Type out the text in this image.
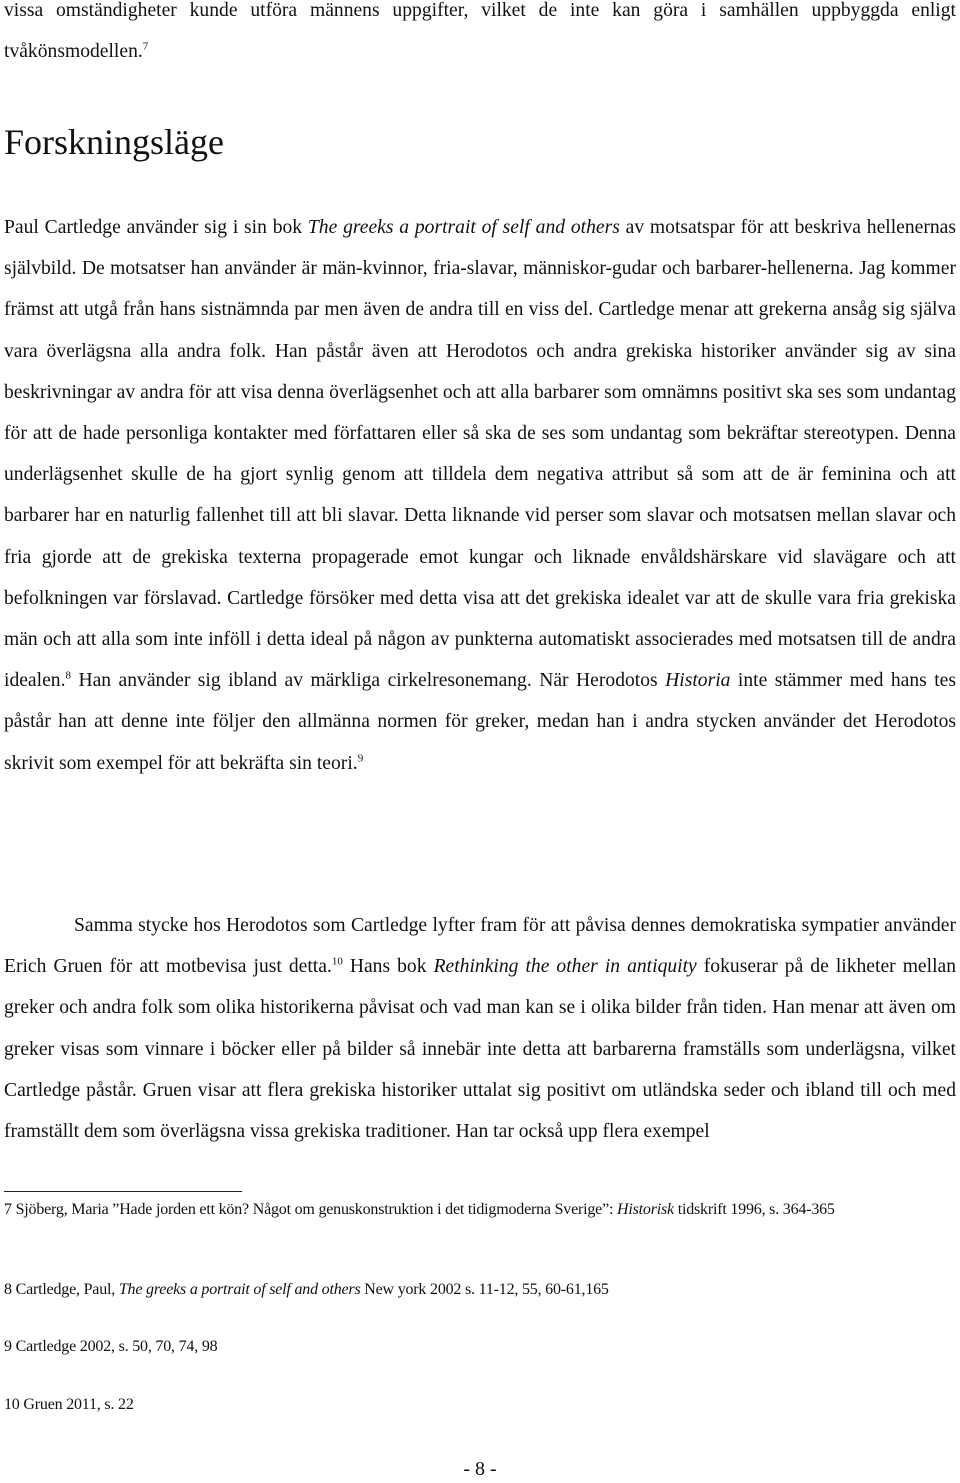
vissa omständigheter kunde utföra männens uppgifter, vilket de inte kan göra i samhällen uppbyggda enligt tvåkönsmodellen.$^7$

Forskningsläge

Paul Cartledge använder sig i sin bok The greeks a portrait of self and others av motsatspar för att beskriva hellenernas självbild. De motsatser han använder är män-kvinnor, fria-slavar, människor-gudar och barbarer-hellenerna. Jag kommer främst att utgå från hans sistnämnda par men även de andra till en viss del. Cartledge menar att grekerna ansåg sig själva vara överlägsna alla andra folk. Han påstår även att Herodotos och andra grekiska historiker använder sig av sina beskrivningar av andra för att visa denna överlägsenhet och att alla barbarer som omnämns positivt ska ses som undantag för att de hade personliga kontakter med författaren eller så ska de ses som undantag som bekräftar stereotypen. Denna underlägsenhet skulle de ha gjort synlig genom att tilldela dem negativa attribut så som att de är feminina och att barbarer har en naturlig fallenhet till att bli slavar. Detta liknande vid perser som slavar och motsatsen mellan slavar och fria gjorde att de grekiska texterna propagerade emot kungar och liknade envåldshärskare vid slavägare och att befolkningen var förslavad. Cartledge försöker med detta visa att det grekiska idealet var att de skulle vara fria grekiska män och att alla som inte inföll i detta ideal på någon av punkterna automatiskt associerades med motsatsen till de andra idealen.$^8$ Han använder sig ibland av märkliga cirkelresonemang. När Herodotos Historia inte stämmer med hans tes påstår han att denne inte följer den allmänna normen för greker, medan han i andra stycken använder det Herodotos skrivit som exempel för att bekräfta sin teori.$^9$

Samma stycke hos Herodotos som Cartledge lyfter fram för att påvisa dennes demokratiska sympatier använder Erich Gruen för att motbevisa just detta.$^{10}$ Hans bok Rethinking the other in antiquity fokuserar på de likheter mellan greker och andra folk som olika historikerna påvisat och vad man kan se i olika bilder från tiden. Han menar att även om greker visas som vinnare i böcker eller på bilder så innebär inte detta att barbarerna framställs som underlägsna, vilket Cartledge påstår. Gruen visar att flera grekiska historiker uttalat sig positivt om utländska seder och ibland till och med framställt dem som överlägsna vissa grekiska traditioner. Han tar också upp flera exempel

7 Sjöberg, Maria ”Hade jorden ett kön? Något om genuskonstruktion i det tidigmoderna Sverige”: Historisk tidskrift 1996, s. 364-365

8 Cartledge, Paul, The greeks a portrait of self and others New york 2002 s. 11-12, 55, 60-61,165

9 Cartledge 2002, s. 50, 70, 74, 98

10 Gruen 2011, s. 22

- 8 -
